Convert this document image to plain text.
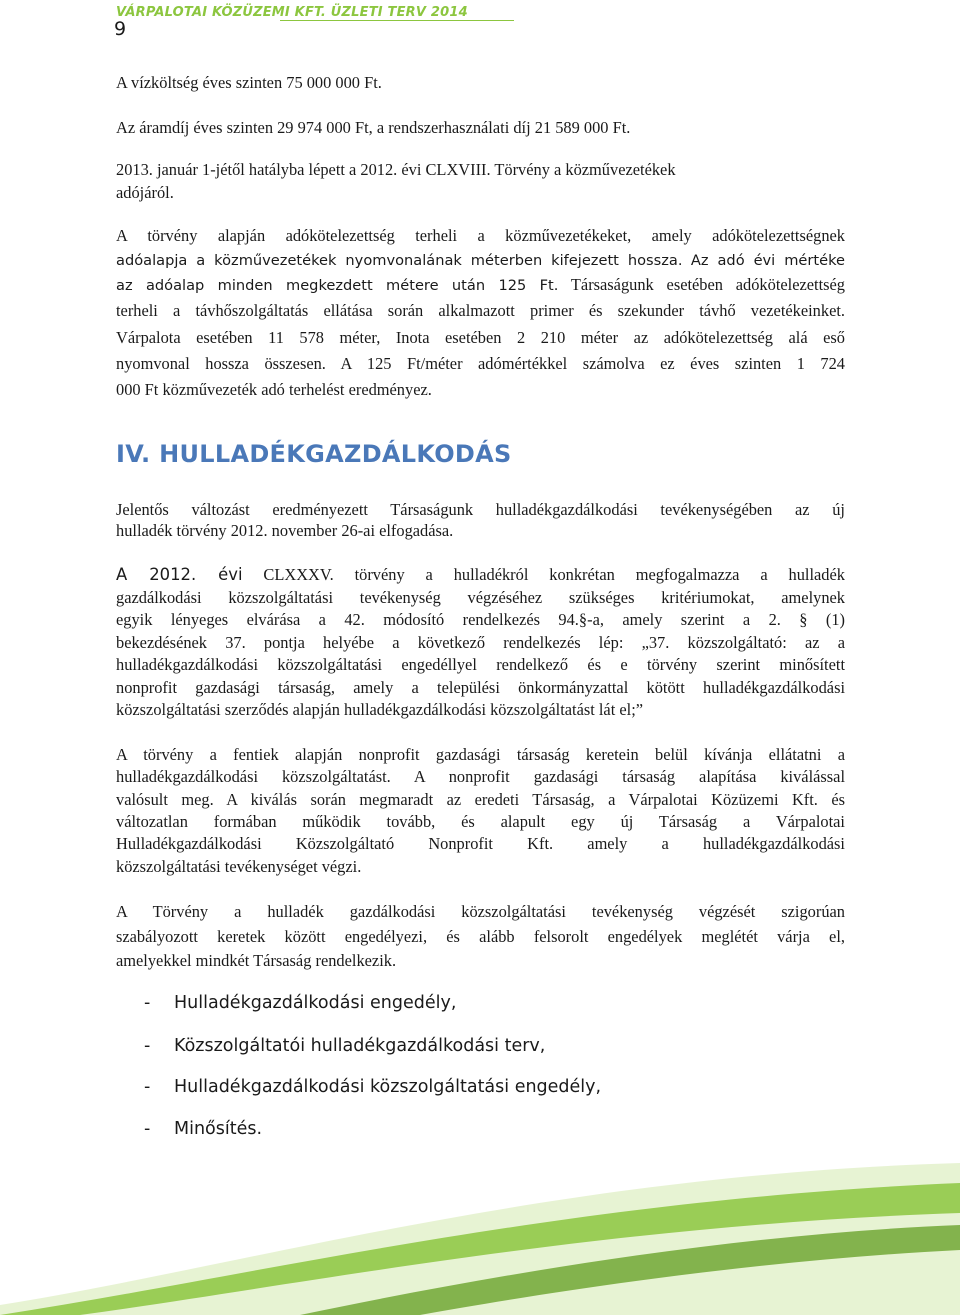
VÁRPALOTAI KÖZÜZEMI KFT. ÜZLETI TERV 2014
9
A vízköltség éves szinten 75 000 000 Ft.
Az áramdíj éves szinten 29 974 000 Ft, a rendszerhasználati díj 21 589 000 Ft.
2013. január 1-jétől hatályba lépett a 2012. évi CLXVIII. Törvény a közművezetékek
adójáról.
A törvény alapján adókötelezettség terheli a közművezetékeket, amely adókötelezettségnek
adóalapja a közművezetékek nyomvonalának méterben kifejezett hossza. Az adó évi mértéke
az adóalap minden megkezdett métere után 125 Ft. Társaságunk esetében adókötelezettség
terheli a távhőszolgáltatás ellátása során alkalmazott primer és szekunder távhő vezetékeinket.
Várpalota esetében 11 578 méter, Inota esetében 2 210 méter az adókötelezettség alá eső
nyomvonal hossza összesen. A 125 Ft/méter adómértékkel számolva ez éves szinten 1 724
000 Ft közművezeték adó terhelést eredményez.
IV. HULLADÉKGAZDÁLKODÁS
Jelentős változást eredményezett Társaságunk hulladékgazdálkodási tevékenységében az új
hulladék törvény 2012. november 26-ai elfogadása.
A 2012. évi CLXXXV. törvény a hulladékról konkrétan megfogalmazza a hulladék
gazdálkodási közszolgáltatási tevékenység végzéséhez szükséges kritériumokat, amelynek
egyik lényeges elvárása a 42. módosító rendelkezés 94.§-a, amely szerint a 2. § (1)
bekezdésének 37. pontja helyébe a következő rendelkezés lép: „37. közszolgáltató: az a
hulladékgazdálkodási közszolgáltatási engedéllyel rendelkező és e törvény szerint minősített
nonprofit gazdasági társaság, amely a települési önkormányzattal kötött hulladékgazdálkodási
közszolgáltatási szerződés alapján hulladékgazdálkodási közszolgáltatást lát el;”
A törvény a fentiek alapján nonprofit gazdasági társaság keretein belül kívánja ellátatni a
hulladékgazdálkodási közszolgáltatást. A nonprofit gazdasági társaság alapítása kiválással
valósult meg. A kiválás során megmaradt az eredeti Társaság, a Várpalotai Közüzemi Kft. és
változatlan formában működik tovább, és alapult egy új Társaság a Várpalotai
Hulladékgazdálkodási Közszolgáltató Nonprofit Kft. amely a hulladékgazdálkodási
közszolgáltatási tevékenységet végzi.
A Törvény a hulladék gazdálkodási közszolgáltatási tevékenység végzését szigorúan
szabályozott keretek között engedélyezi, és alább felsorolt engedélyek meglétét várja el,
amelyekkel mindkét Társaság rendelkezik.
- Hulladékgazdálkodási engedély,
- Közszolgáltatói hulladékgazdálkodási terv,
- Hulladékgazdálkodási közszolgáltatási engedély,
- Minősítés.
